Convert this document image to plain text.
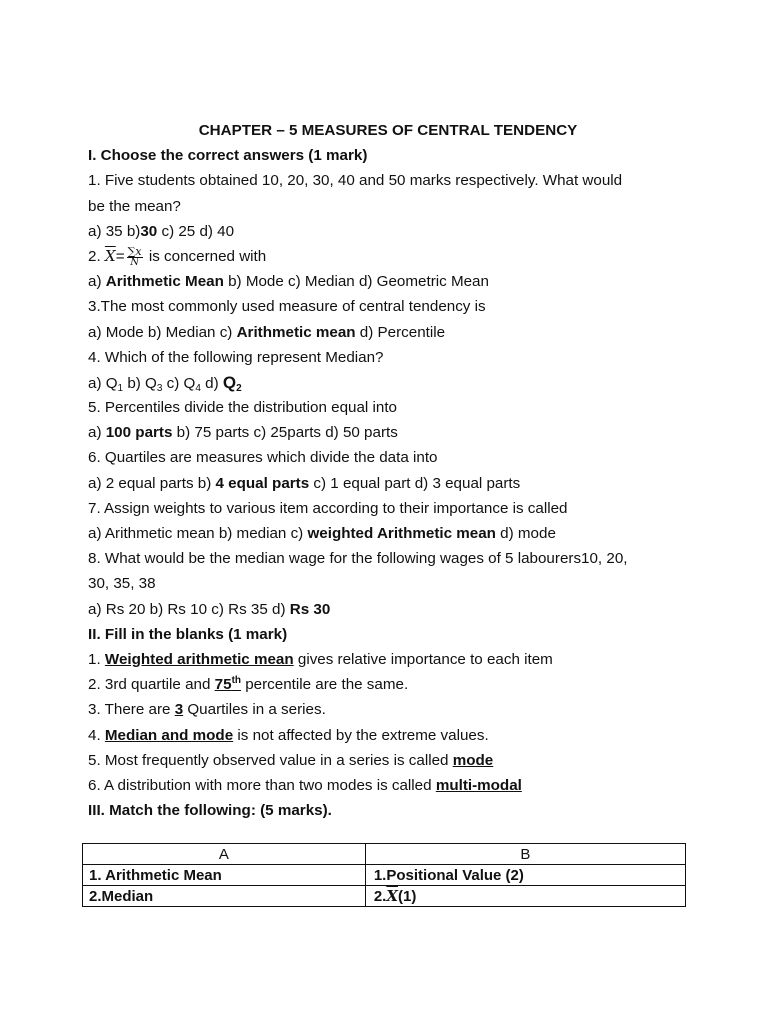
CHAPTER – 5 MEASURES OF CENTRAL TENDENCY
I. Choose the correct answers (1 mark)
1. Five students obtained 10, 20, 30, 40 and 50 marks respectively. What would
be the mean?
a) 35 b)30 c) 25 d) 40
2. $\overline{X}= \frac{\sum x}{N}$ is concerned with
a) Arithmetic Mean b) Mode c) Median d) Geometric Mean
3.The most commonly used measure of central tendency is
a) Mode b) Median c) Arithmetic mean d) Percentile
4. Which of the following represent Median?
a) $Q_1$ b) $Q_3$ c) $Q_4$ d) $Q_2$
5. Percentiles divide the distribution equal into
a) 100 parts b) 75 parts c) 25parts d) 50 parts
6. Quartiles are measures which divide the data into
a) 2 equal parts b) 4 equal parts c) 1 equal part d) 3 equal parts
7. Assign weights to various item according to their importance is called
a) Arithmetic mean b) median c) weighted Arithmetic mean d) mode
8. What would be the median wage for the following wages of 5 labourers10, 20,
30, 35, 38
a) Rs 20 b) Rs 10 c) Rs 35 d) Rs 30
II. Fill in the blanks (1 mark)
1. Weighted arithmetic mean gives relative importance to each item
2. 3rd quartile and 75th percentile are the same.
3. There are 3 Quartiles in a series.
4. Median and mode is not affected by the extreme values.
5. Most frequently observed value in a series is called mode
6. A distribution with more than two modes is called multi-modal
III. Match the following: (5 marks).
A	B
1. Arithmetic Mean	1.Positional Value (2)
2.Median	$2.\overline{X}(1)$
